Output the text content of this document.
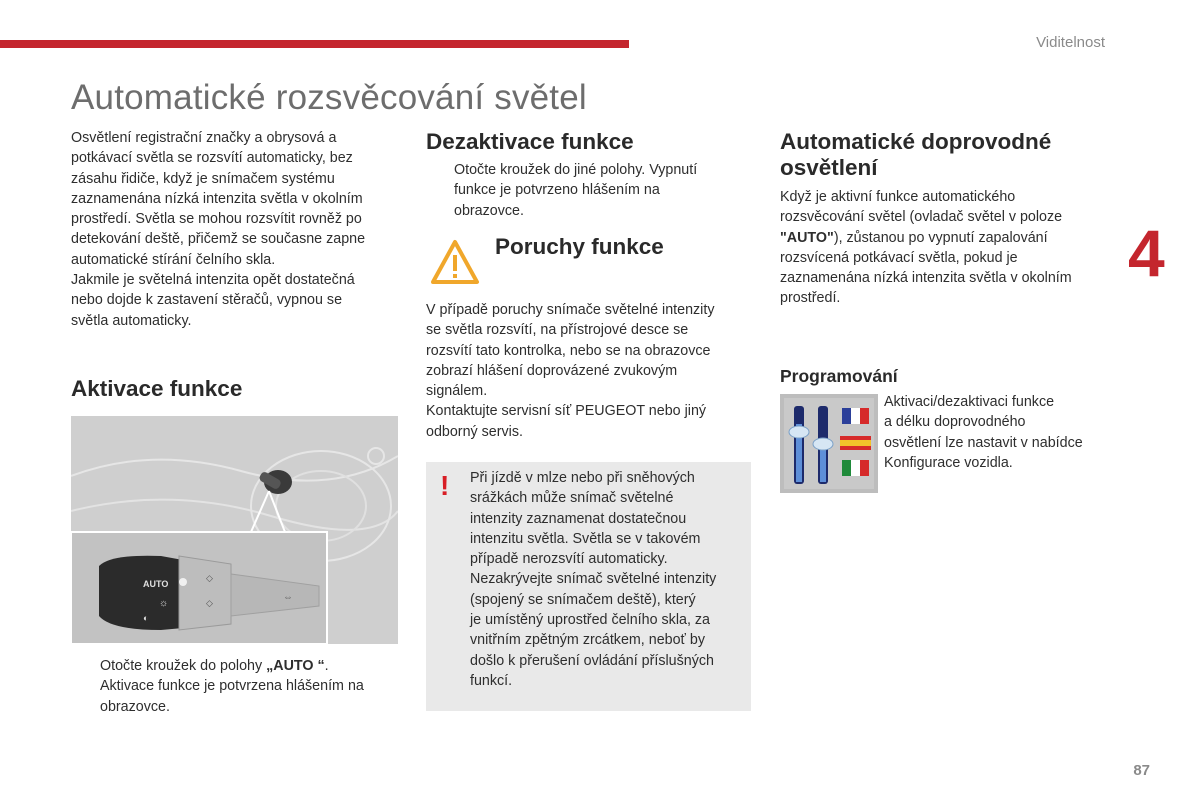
Viditelnost
Automatické rozsvěcování světel
4
87
Osvětlení registrační značky a obrysová a
potkávací světla se rozsvítí automaticky, bez
zásahu řidiče, když je snímačem systému
zaznamenána nízká intenzita světla v okolním
prostředí. Světla se mohou rozsvítit rovněž po
detekování deště, přičemž se současne zapne
automatické stírání čelního skla.
Jakmile je světelná intenzita opět dostatečná
nebo dojde k zastavení stěračů, vypnou se
světla automaticky.
Aktivace funkce
AUTO
☼
◐
◇
◇	⇔
Otočte kroužek do polohy „AUTO “.
Aktivace funkce je potvrzena hlášením na
obrazovce.
Dezaktivace funkce
Otočte kroužek do jiné polohy. Vypnutí
funkce je potvrzeno hlášením na
obrazovce.
Poruchy funkce
V případě poruchy snímače světelné intenzity
se světla rozsvítí, na přístrojové desce se
rozsvítí tato kontrolka, nebo se na obrazovce
zobrazí hlášení doprovázené zvukovým
signálem.
Kontaktujte servisní síť PEUGEOT nebo jiný
odborný servis.
! Při jízdě v mlze nebo při sněhových
srážkách může snímač světelné
intenzity zaznamenat dostatečnou
intenzitu světla. Světla se v takovém
případě nerozsvítí automaticky.
Nezakrývejte snímač světelné intenzity
(spojený se snímačem deště), který
je umístěný uprostřed čelního skla, za
vnitřním zpětným zrcátkem, neboť by
došlo k přerušení ovládání příslušných
funkcí.
Automatické doprovodné
osvětlení
Když je aktivní funkce automatického
rozsvěcování světel (ovladač světel v poloze
"AUTO"), zůstanou po vypnutí zapalování
rozsvícená potkávací světla, pokud je
zaznamenána nízká intenzita světla v okolním
prostředí.
Programování
Aktivaci/dezaktivaci funkce
a délku doprovodného
osvětlení lze nastavit v nabídce
Konfigurace vozidla.
